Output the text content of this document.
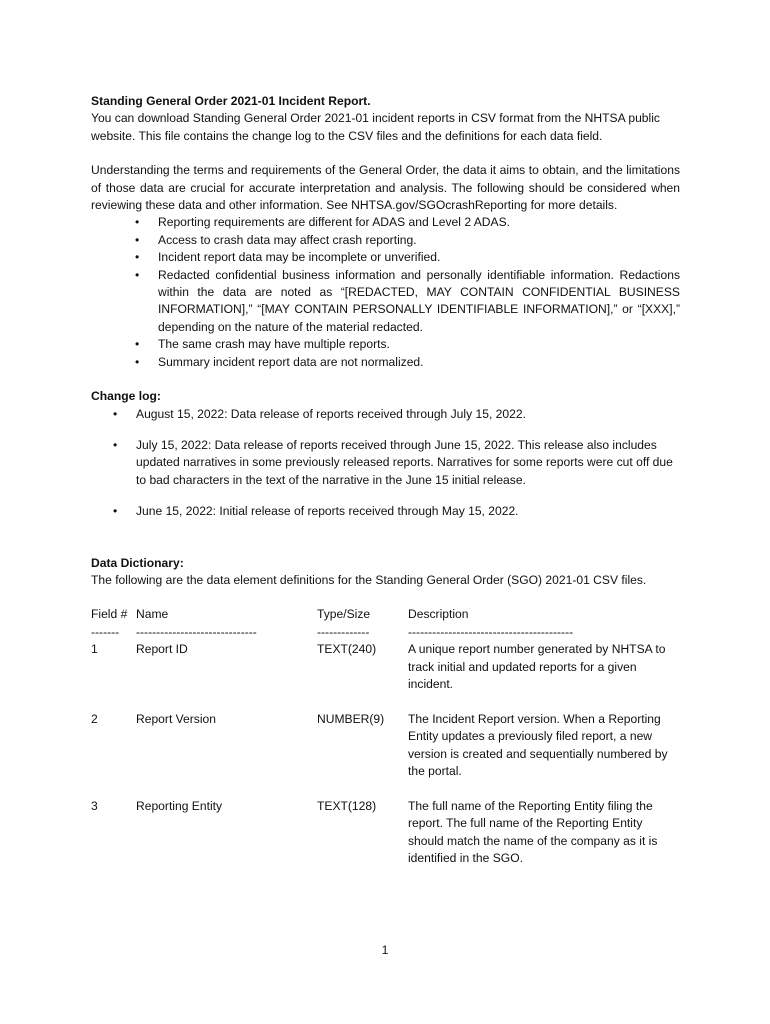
Standing General Order 2021-01 Incident Report.

You can download Standing General Order 2021-01 incident reports in CSV format from the NHTSA public website. This file contains the change log to the CSV files and the definitions for each data field.

Understanding the terms and requirements of the General Order, the data it aims to obtain, and the limitations of those data are crucial for accurate interpretation and analysis. The following should be considered when reviewing these data and other information. See NHTSA.gov/SGOcrashReporting for more details.

• Reporting requirements are different for ADAS and Level 2 ADAS.
• Access to crash data may affect crash reporting.
• Incident report data may be incomplete or unverified.
• Redacted confidential business information and personally identifiable information. Redactions within the data are noted as “[REDACTED, MAY CONTAIN CONFIDENTIAL BUSINESS INFORMATION],” “[MAY CONTAIN PERSONALLY IDENTIFIABLE INFORMATION],” or “[XXX],” depending on the nature of the material redacted.
• The same crash may have multiple reports.
• Summary incident report data are not normalized.

Change log:

• August 15, 2022: Data release of reports received through July 15, 2022.
• July 15, 2022: Data release of reports received through June 15, 2022. This release also includes updated narratives in some previously released reports. Narratives for some reports were cut off due to bad characters in the text of the narrative in the June 15 initial release.
• June 15, 2022: Initial release of reports received through May 15, 2022.

Data Dictionary:

The following are the data element definitions for the Standing General Order (SGO) 2021-01 CSV files.

Field # Name	Type/Size	Description
-------	------------------------------	-------------	-----------------------------------------
1	Report ID	TEXT(240)	A unique report number generated by NHTSA to track initial and updated reports for a given incident.
2	Report Version	NUMBER(9)	The Incident Report version. When a Reporting Entity updates a previously filed report, a new version is created and sequentially numbered by the portal.
3	Reporting Entity	TEXT(128)	The full name of the Reporting Entity filing the report. The full name of the Reporting Entity should match the name of the company as it is identified in the SGO.
1
